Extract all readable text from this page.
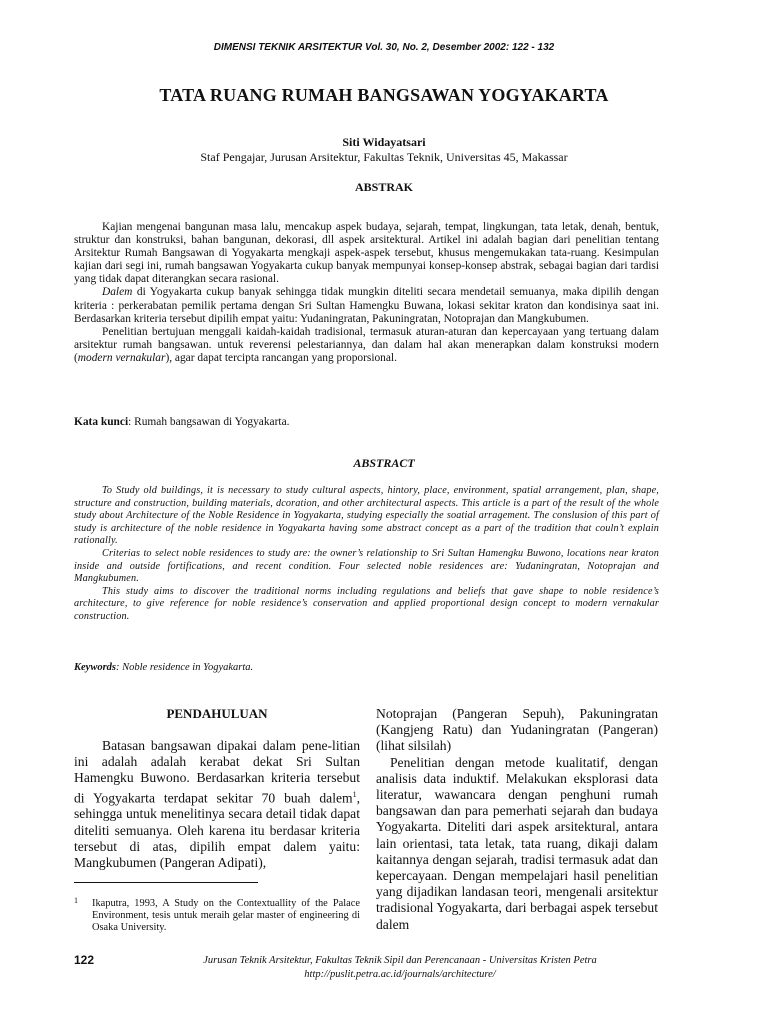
DIMENSI TEKNIK ARSITEKTUR Vol. 30, No. 2, Desember 2002: 122 - 132
TATA RUANG RUMAH BANGSAWAN YOGYAKARTA
Siti Widayatsari
Staf Pengajar, Jurusan Arsitektur, Fakultas Teknik, Universitas 45, Makassar
ABSTRAK

Kajian mengenai bangunan masa lalu, mencakup aspek budaya, sejarah, tempat, lingkungan, tata letak, denah, bentuk, struktur dan konstruksi, bahan bangunan, dekorasi, dll aspek arsitektural. Artikel ini adalah bagian dari penelitian tentang Arsitektur Rumah Bangsawan di Yogyakarta mengkaji aspek-aspek tersebut, khusus mengemukakan tata-ruang. Kesimpulan kajian dari segi ini, rumah bangsawan Yogyakarta cukup banyak mempunyai konsep-konsep abstrak, sebagai bagian dari tardisi yang tidak dapat diterangkan secara rasional.

Dalem di Yogyakarta cukup banyak sehingga tidak mungkin diteliti secara mendetail semuanya, maka dipilih dengan kriteria : perkerabatan pemilik pertama dengan Sri Sultan Hamengku Buwana, lokasi sekitar kraton dan kondisinya saat ini. Berdasarkan kriteria tersebut dipilih empat yaitu: Yudaningratan, Pakuningratan, Notoprajan dan Mangkubumen.

Penelitian bertujuan menggali kaidah-kaidah tradisional, termasuk aturan-aturan dan kepercayaan yang tertuang dalam arsitektur rumah bangsawan. untuk reverensi pelestariannya, dan dalam hal akan menerapkan dalam konstruksi modern (modern vernakular), agar dapat tercipta rancangan yang proporsional.

Kata kunci: Rumah bangsawan di Yogyakarta.
ABSTRACT

To Study old buildings, it is necessary to study cultural aspects, hintory, place, environment, spatial arrangement, plan, shape, structure and construction, building materials, dcoration, and other architectural aspects. This article is a part of the result of the whole study about Architecture of the Noble Residence in Yogyakarta, studying especially the soatial arragement. The conslusion of this part of study is architecture of the noble residence in Yogyakarta having some abstract concept as a part of the tradition that couln’t explain rationally.

Criterias to select noble residences to study are: the owner’s relationship to Sri Sultan Hamengku Buwono, locations near kraton inside and outside fortifications, and recent condition. Four selected noble residences are: Yudaningratan, Notoprajan and Mangkubumen.

This study aims to discover the traditional norms including regulations and beliefs that gave shape to noble residence’s architecture, to give reference for noble residence’s conservation and applied proportional design concept to modern vernakular construction.

Keywords: Noble residence in Yogyakarta.
PENDAHULUAN

Batasan bangsawan dipakai dalam pene-litian ini adalah adalah kerabat dekat Sri Sultan Hamengku Buwono. Berdasarkan kriteria tersebut di Yogyakarta terdapat sekitar 70 buah dalem$^1$, sehingga untuk menelitinya secara detail tidak dapat diteliti semuanya. Oleh karena itu berdasar kriteria tersebut di atas, dipilih empat dalem yaitu: Mangkubumen (Pangeran Adipati),

Notoprajan (Pangeran Sepuh), Pakuningratan (Kangjeng Ratu) dan Yudaningratan (Pangeran) (lihat silsilah)

Penelitian dengan metode kualitatif, dengan analisis data induktif. Melakukan eksplorasi data literatur, wawancara dengan penghuni rumah bangsawan dan para pemerhati sejarah dan budaya Yogyakarta. Diteliti dari aspek arsitektural, antara lain orientasi, tata letak, tata ruang, dikaji dalam kaitannya dengan sejarah, tradisi termasuk adat dan kepercayaan. Dengan mempelajari hasil penelitian yang dijadikan landasan teori, mengenali arsitektur tradisional Yogyakarta, dari berbagai aspek tersebut dalem

1 Ikaputra, 1993, A Study on the Contextuallity of the Palace Environment, tesis untuk meraih gelar master of engineering di Osaka University.
122	Jurusan Teknik Arsitektur, Fakultas Teknik Sipil dan Perencanaan - Universitas Kristen Petra
http://puslit.petra.ac.id/journals/architecture/
